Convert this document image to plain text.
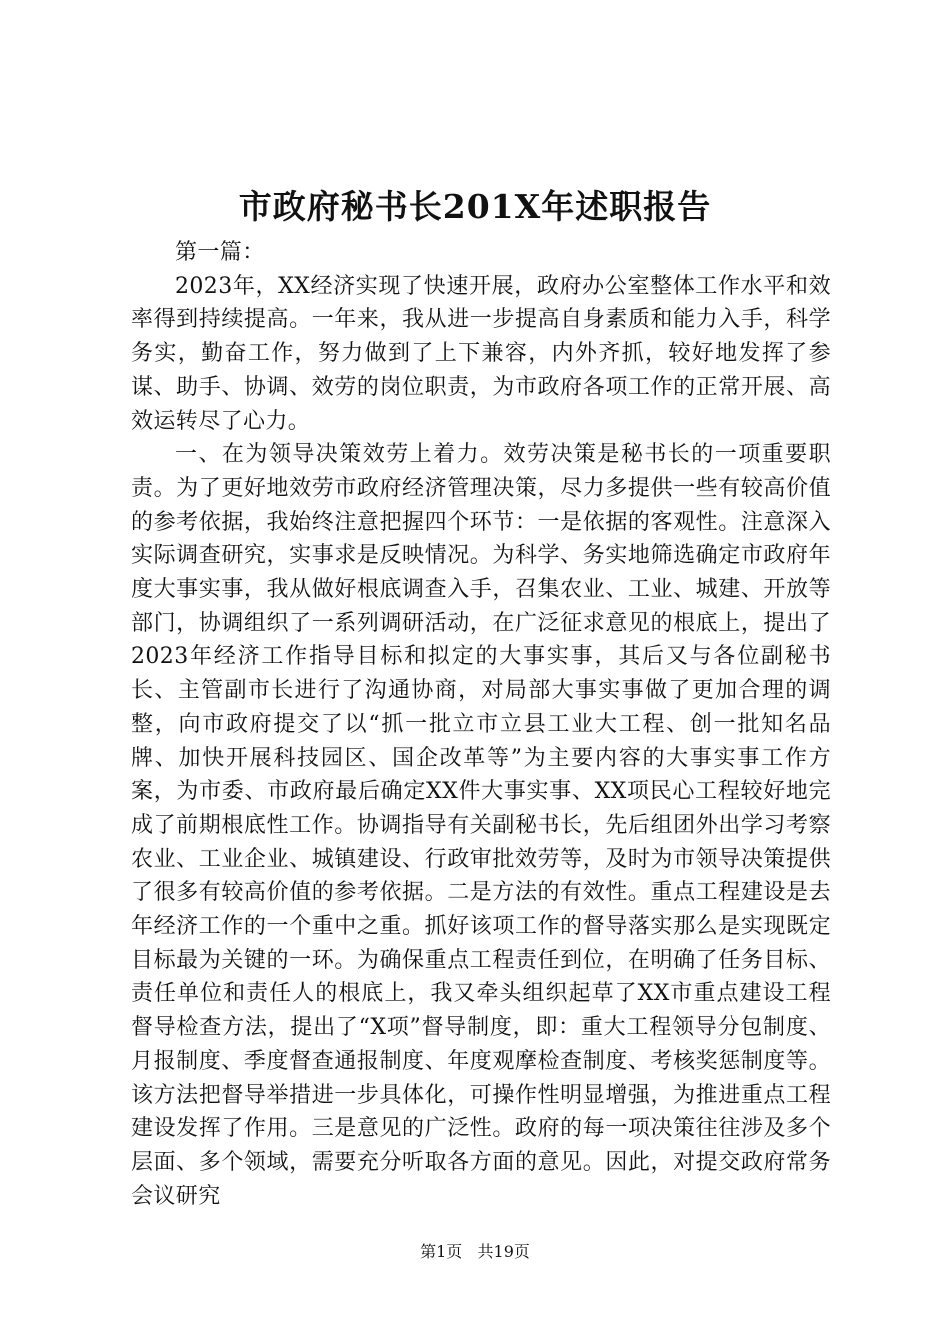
市政府秘书长201X年述职报告

第一篇：

2023年，XX经济实现了快速开展，政府办公室整体工作水平和效率得到持续提高。一年来，我从进一步提高自身素质和能力入手，科学务实，勤奋工作，努力做到了上下兼容，内外齐抓，较好地发挥了参谋、助手、协调、效劳的岗位职责，为市政府各项工作的正常开展、高效运转尽了心力。

一、在为领导决策效劳上着力。效劳决策是秘书长的一项重要职责。为了更好地效劳市政府经济管理决策，尽力多提供一些有较高价值的参考依据，我始终注意把握四个环节：一是依据的客观性。注意深入实际调查研究，实事求是反映情况。为科学、务实地筛选确定市政府年度大事实事，我从做好根底调查入手，召集农业、工业、城建、开放等部门，协调组织了一系列调研活动，在广泛征求意见的根底上，提出了2023年经济工作指导目标和拟定的大事实事，其后又与各位副秘书长、主管副市长进行了沟通协商，对局部大事实事做了更加合理的调整，向市政府提交了以“抓一批立市立县工业大工程、创一批知名品牌、加快开展科技园区、国企改革等”为主要内容的大事实事工作方案，为市委、市政府最后确定XX件大事实事、XX项民心工程较好地完成了前期根底性工作。协调指导有关副秘书长，先后组团外出学习考察农业、工业企业、城镇建设、行政审批效劳等，及时为市领导决策提供了很多有较高价值的参考依据。二是方法的有效性。重点工程建设是去年经济工作的一个重中之重。抓好该项工作的督导落实那么是实现既定目标最为关键的一环。为确保重点工程责任到位，在明确了任务目标、责任单位和责任人的根底上，我又牵头组织起草了XX市重点建设工程督导检查方法，提出了“X项”督导制度，即：重大工程领导分包制度、月报制度、季度督查通报制度、年度观摩检查制度、考核奖惩制度等。该方法把督导举措进一步具体化，可操作性明显增强，为推进重点工程建设发挥了作用。三是意见的广泛性。政府的每一项决策往往涉及多个层面、多个领域，需要充分听取各方面的意见。因此，对提交政府常务会议研究

第1页 共19页
